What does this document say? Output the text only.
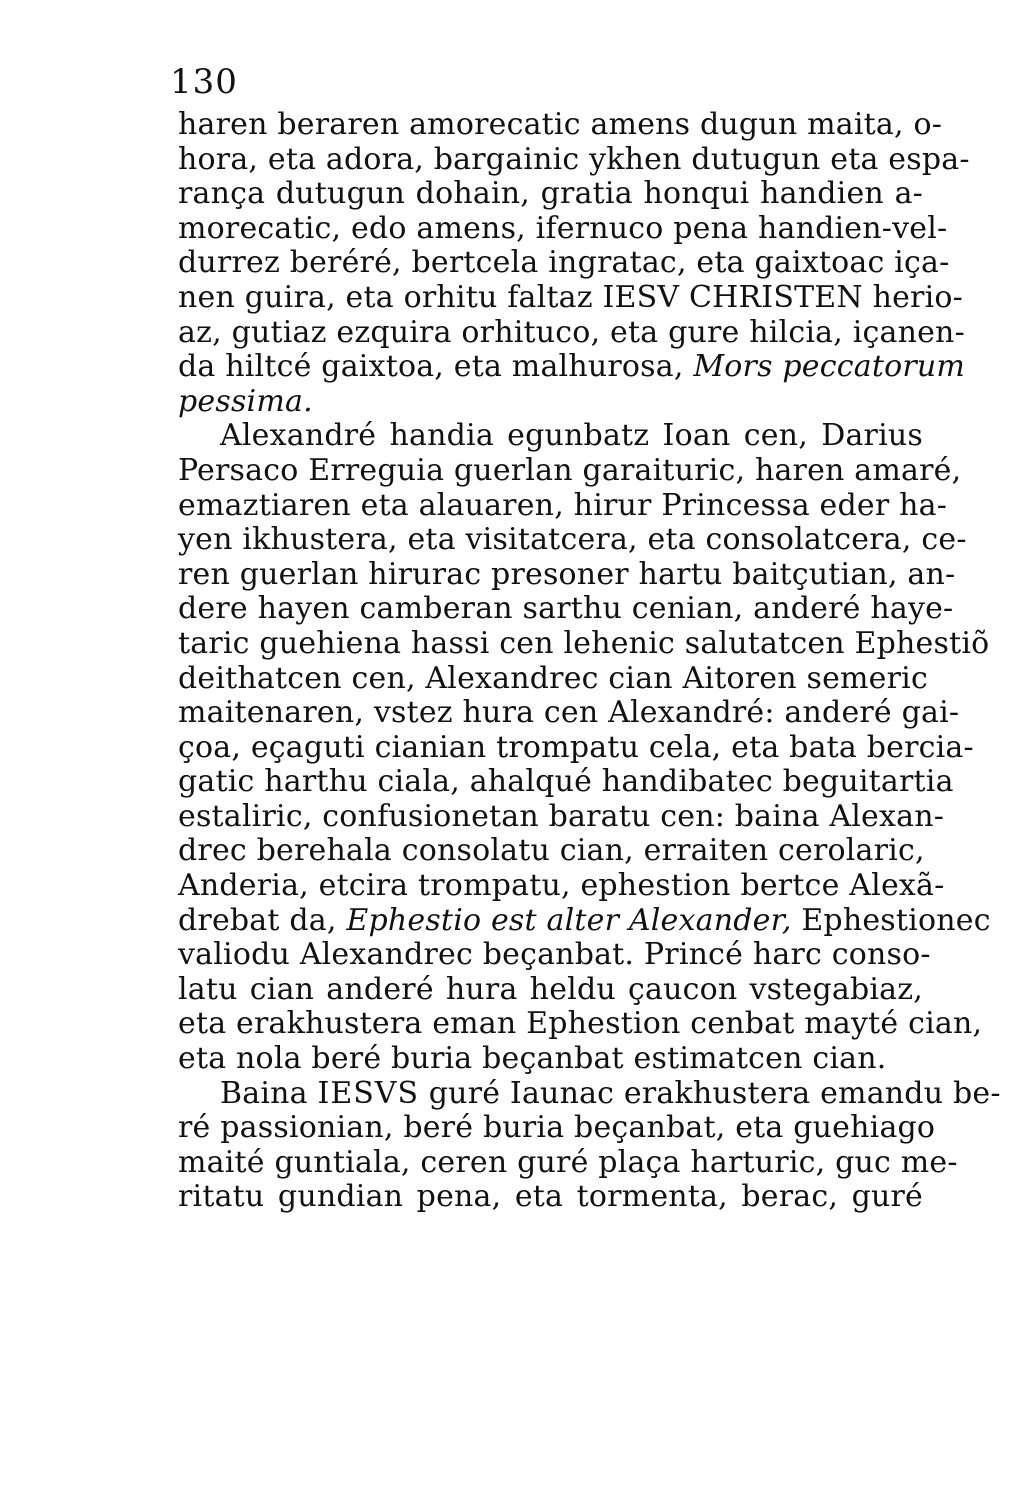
130
haren beraren amorecatic amens dugun maita, o-
hora, eta adora, bargainic ykhen dutugun eta espa-
rança dutugun dohain, gratia honqui handien a-
morecatic, edo amens, ifernuco pena handien-vel-
durrez beréré, bertcela ingratac, eta gaixtoac iça-
nen guira, eta orhitu faltaz IESV CHRISTEN herio-
az, gutiaz ezquira orhituco, eta gure hilcia, içanen-
da hiltcé gaixtoa, eta malhurosa, Mors peccatorum
pessima.
Alexandré handia egunbatz Ioan cen, Darius
Persaco Erreguia guerlan garaituric, haren amaré,
emaztiaren eta alauaren, hirur Princessa eder ha-
yen ikhustera, eta visitatcera, eta consolatcera, ce-
ren guerlan hirurac presoner hartu baitçutian, an-
dere hayen camberan sarthu cenian, anderé haye-
taric guehiena hassi cen lehenic salutatcen Ephestiõ
deithatcen cen, Alexandrec cian Aitoren semeric
maitenaren, vstez hura cen Alexandré: anderé gai-
çoa, eçaguti cianian trompatu cela, eta bata bercia-
gatic harthu ciala, ahalqué handibatec beguitartia
estaliric, confusionetan baratu cen: baina Alexan-
drec berehala consolatu cian, erraiten cerolaric,
Anderia, etcira trompatu, ephestion bertce Alexã-
drebat da, Ephestio est alter Alexander, Ephestionec
valiodu Alexandrec beçanbat. Princé harc conso-
latu cian anderé hura heldu çaucon vstegabiaz,
eta erakhustera eman Ephestion cenbat mayté cian,
eta nola beré buria beçanbat estimatcen cian.
Baina IESVS guré Iaunac erakhustera emandu be-
ré passionian, beré buria beçanbat, eta guehiago
maité guntiala, ceren guré plaça harturic, guc me-
ritatu gundian pena, eta tormenta, berac, guré
